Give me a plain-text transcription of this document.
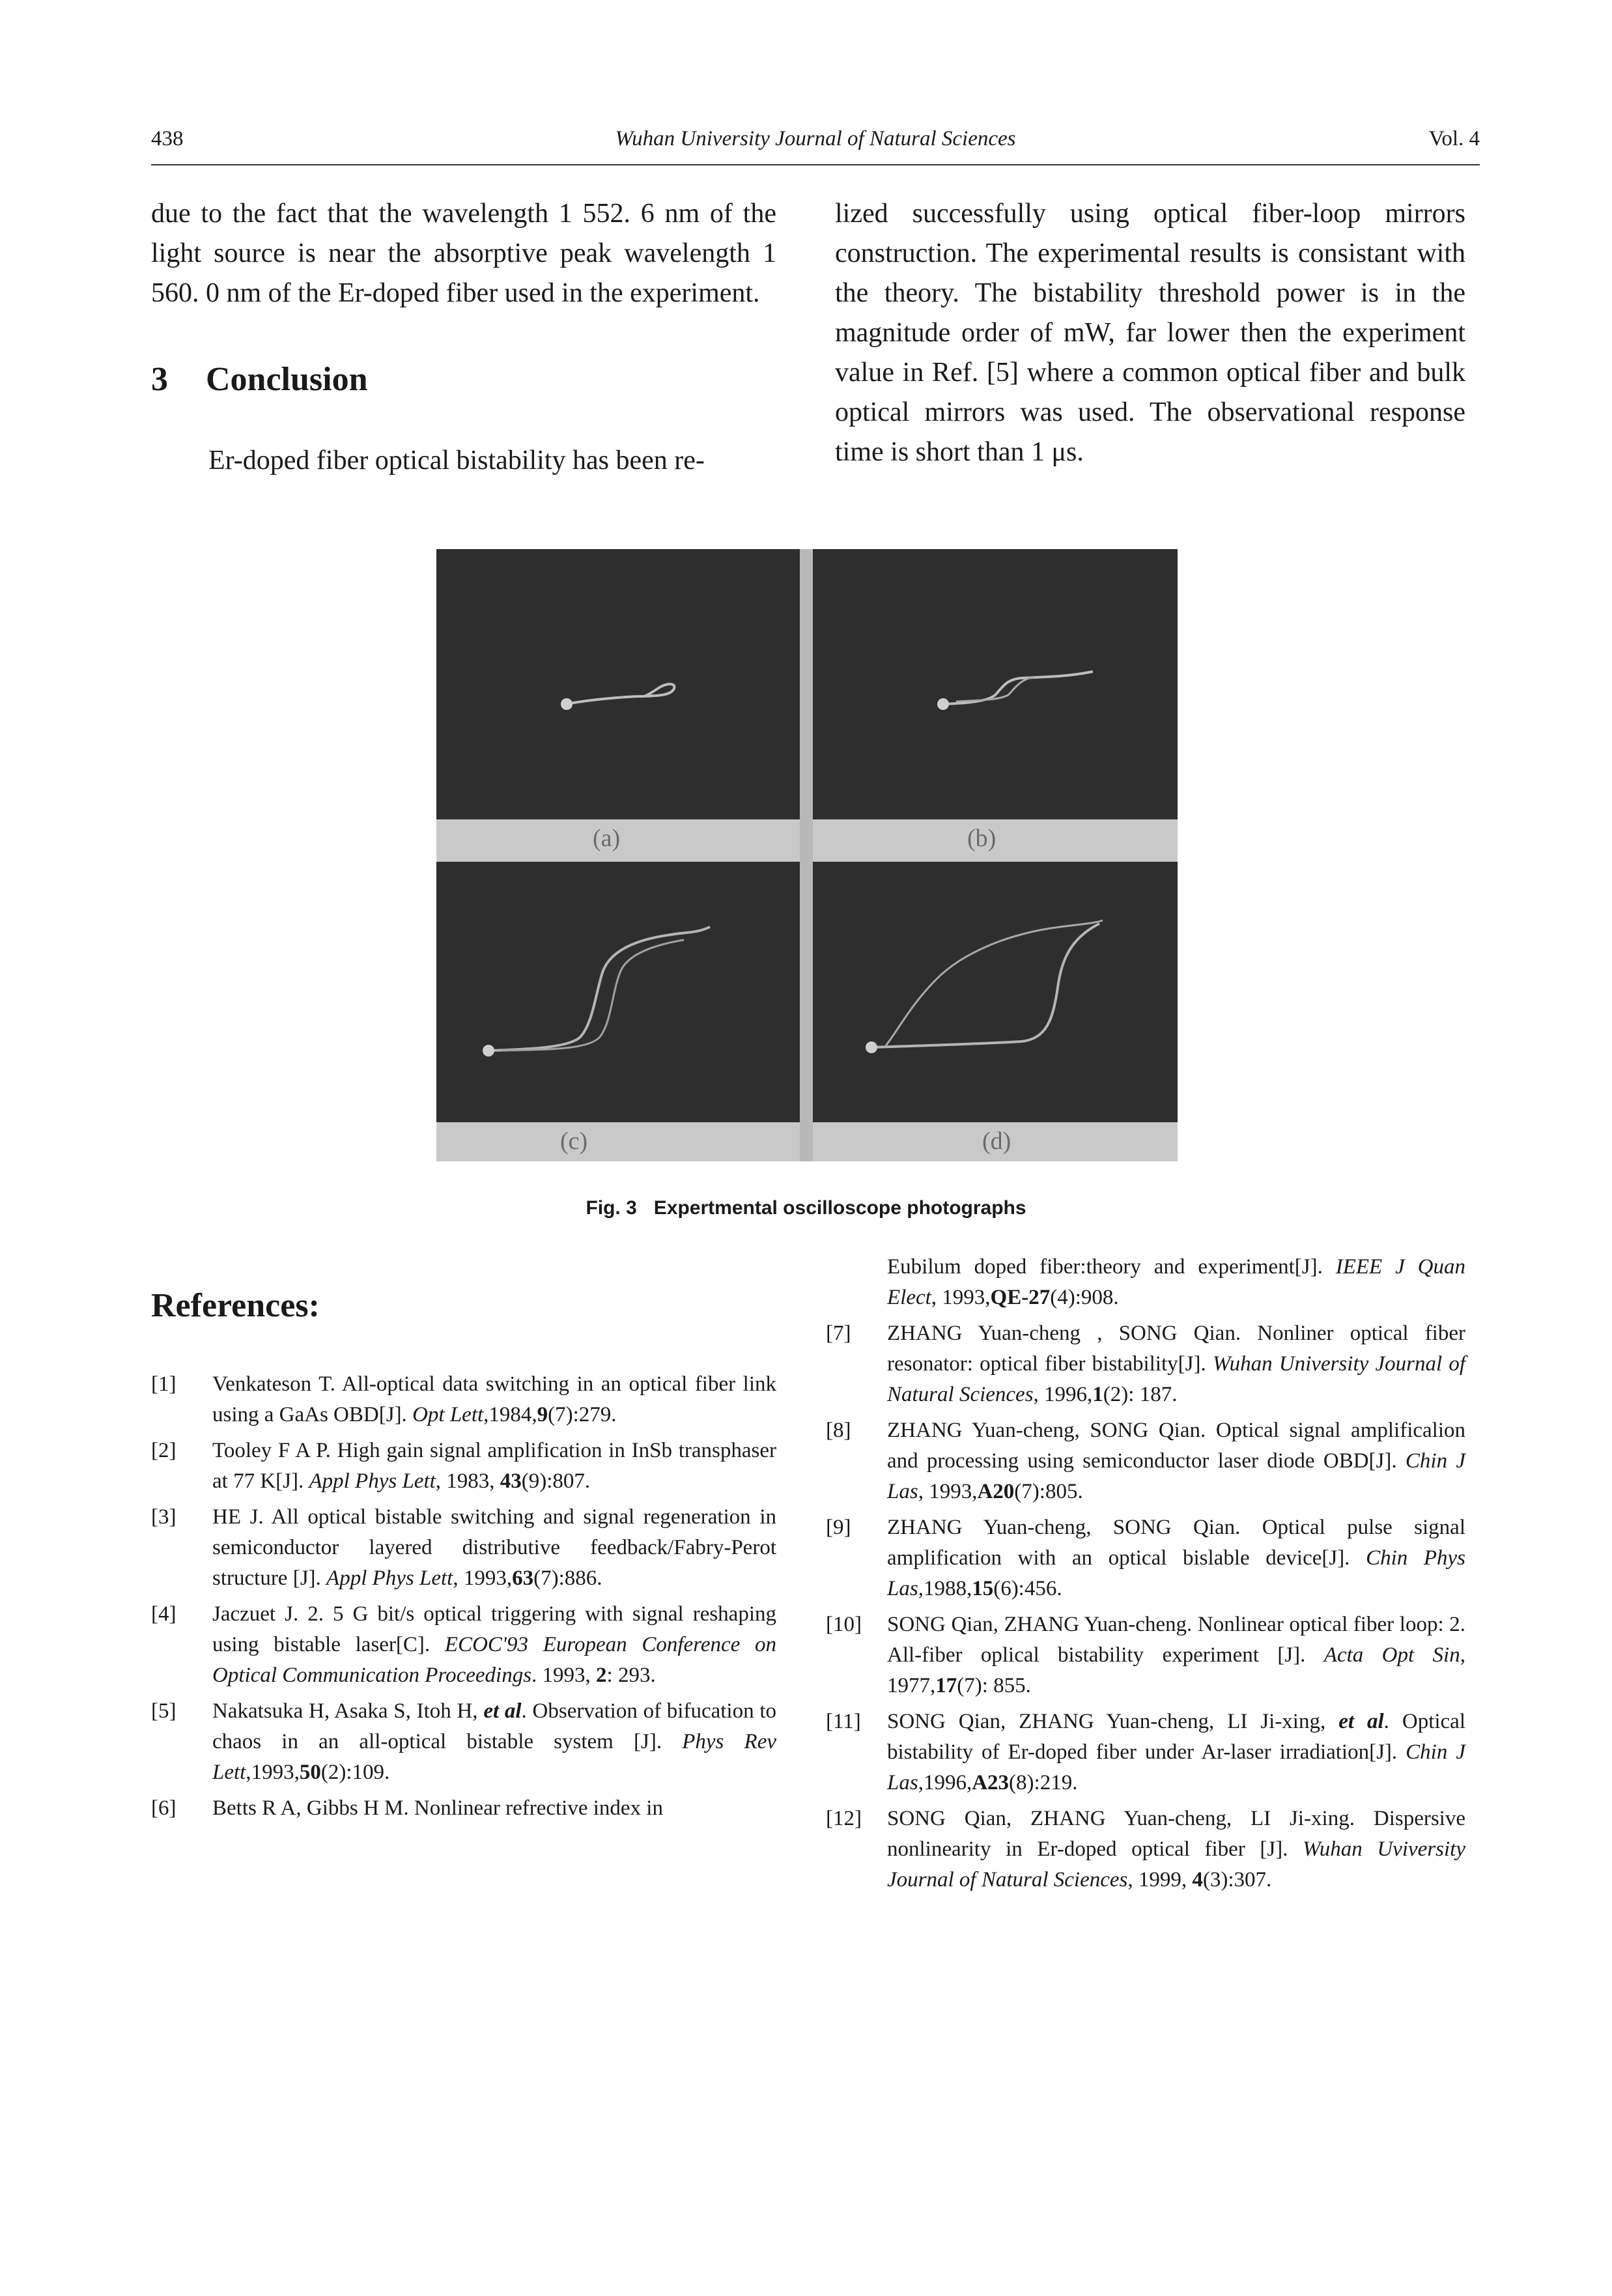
438	Wuhan University Journal of Natural Sciences	Vol. 4

due to the fact that the wavelength 1 552. 6 nm of the light source is near the absorptive peak wavelength 1 560. 0 nm of the Er-doped fiber used in the experiment.

3 Conclusion

Er-doped fiber optical bistability has been re-

lized successfully using optical fiber-loop mirrors construction. The experimental results is consistant with the theory. The bistability threshold power is in the magnitude order of mW, far lower then the experiment value in Ref. [5] where a common optical fiber and bulk optical mirrors was used. The observational response time is short than 1 μs.

(a)	(b)
(c)	(d)
Fig. 3 Expertmental oscilloscope photographs
References:
[1] Venkateson T. All-optical data switching in an optical fiber link using a GaAs OBD[J]. Opt Lett,1984,9(7):279.
[2] Tooley F A P. High gain signal amplification in InSb transphaser at 77 K[J]. Appl Phys Lett, 1983, 43(9):807.
[3] HE J. All optical bistable switching and signal regeneration in semiconductor layered distributive feedback/Fabry-Perot structure [J]. Appl Phys Lett, 1993,63(7):886.
[4] Jaczuet J. 2. 5 G bit/s optical triggering with signal reshaping using bistable laser[C]. ECOC'93 European Conference on Optical Communication Proceedings. 1993, 2: 293.
[5] Nakatsuka H, Asaka S, Itoh H, et al. Observation of bifucation to chaos in an all-optical bistable system [J]. Phys Rev Lett,1993,50(2):109.
[6] Betts R A, Gibbs H M. Nonlinear refrective index in
Eubilum doped fiber:theory and experiment[J]. IEEE J Quan Elect, 1993,QE-27(4):908.
[7] ZHANG Yuan-cheng , SONG Qian. Nonliner optical fiber resonator: optical fiber bistability[J]. Wuhan University Journal of Natural Sciences, 1996,1(2): 187.
[8] ZHANG Yuan-cheng, SONG Qian. Optical signal amplificalion and processing using semiconductor laser diode OBD[J]. Chin J Las, 1993,A20(7):805.
[9] ZHANG Yuan-cheng, SONG Qian. Optical pulse signal amplification with an optical bislable device[J]. Chin Phys Las,1988,15(6):456.
[10] SONG Qian, ZHANG Yuan-cheng. Nonlinear optical fiber loop: 2. All-fiber oplical bistability experiment [J]. Acta Opt Sin, 1977,17(7): 855.
[11] SONG Qian, ZHANG Yuan-cheng, LI Ji-xing, et al. Optical bistability of Er-doped fiber under Ar-laser irradiation[J]. Chin J Las,1996,A23(8):219.
[12] SONG Qian, ZHANG Yuan-cheng, LI Ji-xing. Dispersive nonlinearity in Er-doped optical fiber [J]. Wuhan Uviversity Journal of Natural Sciences, 1999, 4(3):307.
